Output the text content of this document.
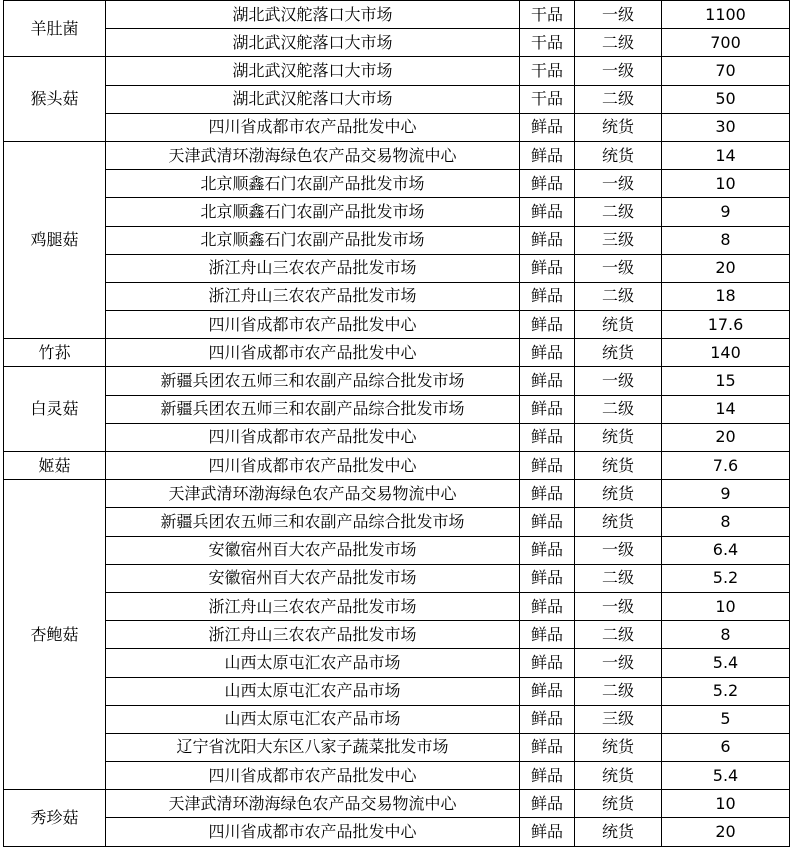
羊肚菌	湖北武汉舵落口大市场	干品	一级	1100
	湖北武汉舵落口大市场	干品	二级	700
猴头菇	湖北武汉舵落口大市场	干品	一级	70
	湖北武汉舵落口大市场	干品	二级	50
	四川省成都市农产品批发中心	鲜品	统货	30
鸡腿菇	天津武清环渤海绿色农产品交易物流中心	鲜品	统货	14
	北京顺鑫石门农副产品批发市场	鲜品	一级	10
	北京顺鑫石门农副产品批发市场	鲜品	二级	9
	北京顺鑫石门农副产品批发市场	鲜品	三级	8
	浙江舟山三农农产品批发市场	鲜品	一级	20
	浙江舟山三农农产品批发市场	鲜品	二级	18
	四川省成都市农产品批发中心	鲜品	统货	17.6
竹荪	四川省成都市农产品批发中心	鲜品	统货	140
白灵菇	新疆兵团农五师三和农副产品综合批发市场	鲜品	一级	15
	新疆兵团农五师三和农副产品综合批发市场	鲜品	二级	14
	四川省成都市农产品批发中心	鲜品	统货	20
姬菇	四川省成都市农产品批发中心	鲜品	统货	7.6
杏鲍菇	天津武清环渤海绿色农产品交易物流中心	鲜品	统货	9
	新疆兵团农五师三和农副产品综合批发市场	鲜品	统货	8
	安徽宿州百大农产品批发市场	鲜品	一级	6.4
	安徽宿州百大农产品批发市场	鲜品	二级	5.2
	浙江舟山三农农产品批发市场	鲜品	一级	10
	浙江舟山三农农产品批发市场	鲜品	二级	8
	山西太原屯汇农产品市场	鲜品	一级	5.4
	山西太原屯汇农产品市场	鲜品	二级	5.2
	山西太原屯汇农产品市场	鲜品	三级	5
	辽宁省沈阳大东区八家子蔬菜批发市场	鲜品	统货	6
	四川省成都市农产品批发中心	鲜品	统货	5.4
秀珍菇	天津武清环渤海绿色农产品交易物流中心	鲜品	统货	10
	四川省成都市农产品批发中心	鲜品	统货	20
